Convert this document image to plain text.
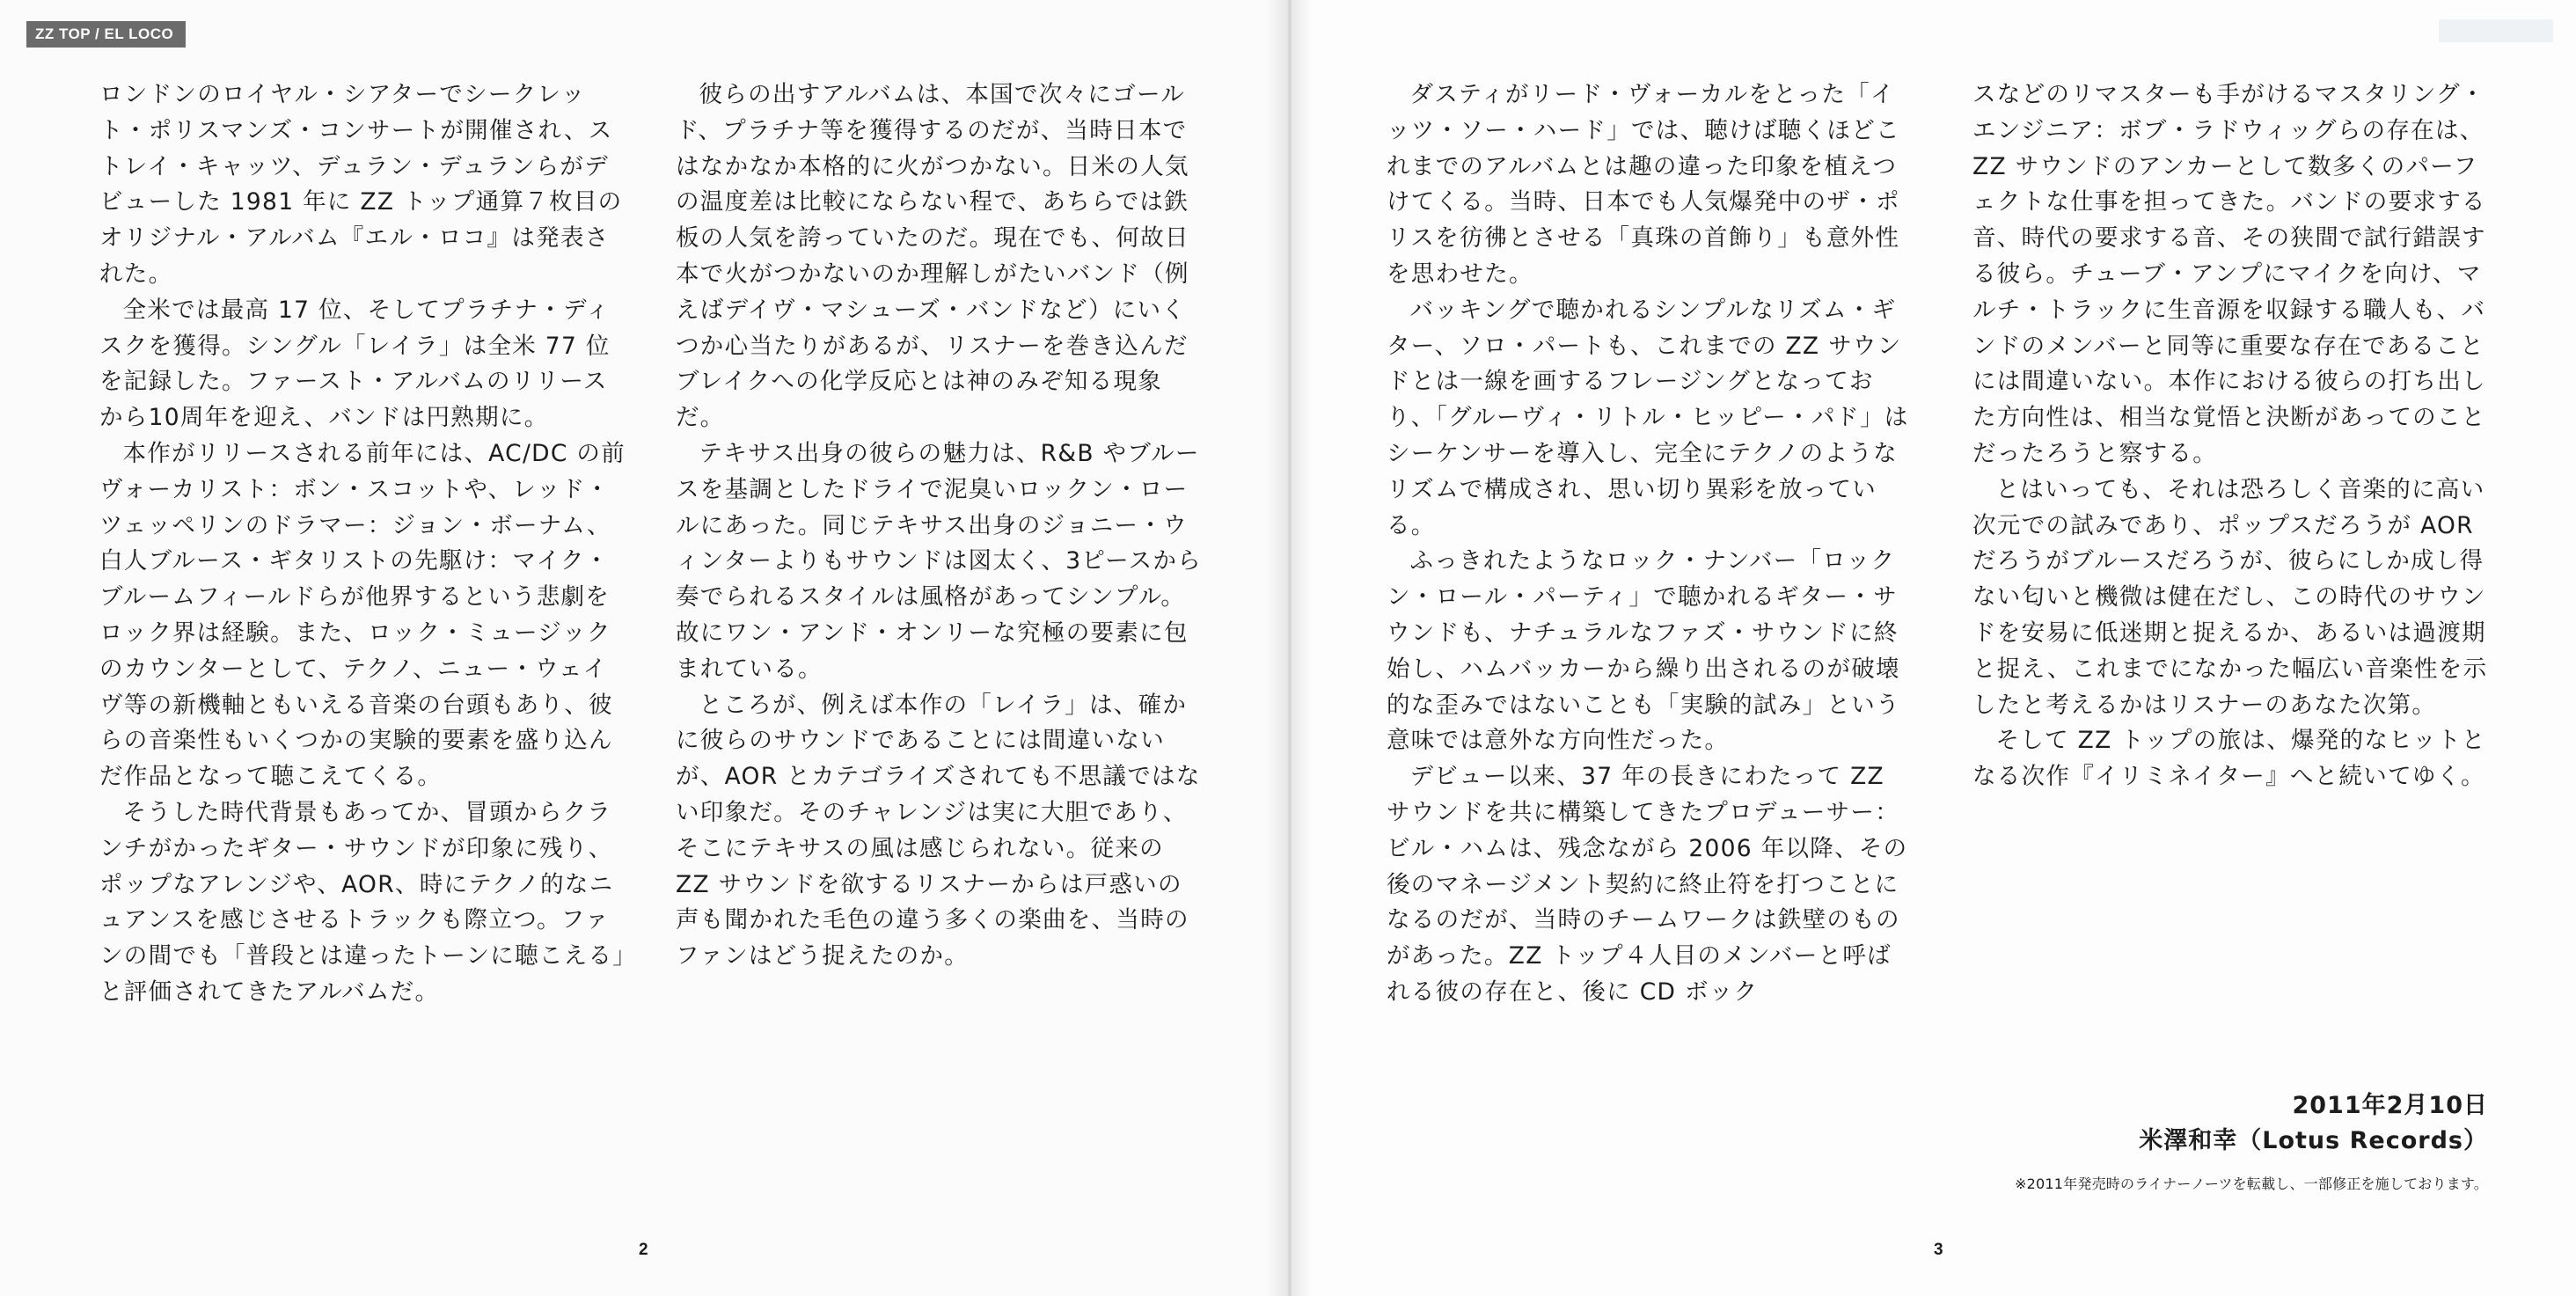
ZZ TOP / EL LOCO

ロンドンのロイヤル・シアターでシークレット・ポリスマンズ・コンサートが開催され、ストレイ・キャッツ、デュラン・デュランらがデビューした 1981 年に ZZ トップ通算７枚目のオリジナル・アルバム『エル・ロコ』は発表された。

全米では最高 17 位、そしてプラチナ・ディスクを獲得。シングル「レイラ」は全米 77 位を記録した。ファースト・アルバムのリリースから10周年を迎え、バンドは円熟期に。

本作がリリースされる前年には、AC/DC の前ヴォーカリスト：ボン・スコットや、レッド・ツェッペリンのドラマー：ジョン・ボーナム、白人ブルース・ギタリストの先駆け：マイク・ブルームフィールドらが他界するという悲劇をロック界は経験。また、ロック・ミュージックのカウンターとして、テクノ、ニュー・ウェイヴ等の新機軸ともいえる音楽の台頭もあり、彼らの音楽性もいくつかの実験的要素を盛り込んだ作品となって聴こえてくる。

そうした時代背景もあってか、冒頭からクランチがかったギター・サウンドが印象に残り、ポップなアレンジや、AOR、時にテクノ的なニュアンスを感じさせるトラックも際立つ。ファンの間でも「普段とは違ったトーンに聴こえる」と評価されてきたアルバムだ。

彼らの出すアルバムは、本国で次々にゴールド、プラチナ等を獲得するのだが、当時日本ではなかなか本格的に火がつかない。日米の人気の温度差は比較にならない程で、あちらでは鉄板の人気を誇っていたのだ。現在でも、何故日本で火がつかないのか理解しがたいバンド（例えばデイヴ・マシューズ・バンドなど）にいくつか心当たりがあるが、リスナーを巻き込んだブレイクへの化学反応とは神のみぞ知る現象だ。

テキサス出身の彼らの魅力は、R&B やブルースを基調としたドライで泥臭いロックン・ロールにあった。同じテキサス出身のジョニー・ウィンターよりもサウンドは図太く、3ピースから奏でられるスタイルは風格があってシンプル。故にワン・アンド・オンリーな究極の要素に包まれている。

ところが、例えば本作の「レイラ」は、確かに彼らのサウンドであることには間違いないが、AOR とカテゴライズされても不思議ではない印象だ。そのチャレンジは実に大胆であり、そこにテキサスの風は感じられない。従来の ZZ サウンドを欲するリスナーからは戸惑いの声も聞かれた毛色の違う多くの楽曲を、当時のファンはどう捉えたのか。

2

ダスティがリード・ヴォーカルをとった「イッツ・ソー・ハード」では、聴けば聴くほどこれまでのアルバムとは趣の違った印象を植えつけてくる。当時、日本でも人気爆発中のザ・ポリスを彷彿とさせる「真珠の首飾り」も意外性を思わせた。

バッキングで聴かれるシンプルなリズム・ギター、ソロ・パートも、これまでの ZZ サウンドとは一線を画するフレージングとなっており、「グルーヴィ・リトル・ヒッピー・パド」はシーケンサーを導入し、完全にテクノのようなリズムで構成され、思い切り異彩を放っている。

ふっきれたようなロック・ナンバー「ロックン・ロール・パーティ」で聴かれるギター・サウンドも、ナチュラルなファズ・サウンドに終始し、ハムバッカーから繰り出されるのが破壊的な歪みではないことも「実験的試み」という意味では意外な方向性だった。

デビュー以来、37 年の長きにわたって ZZ サウンドを共に構築してきたプロデューサー：ビル・ハムは、残念ながら 2006 年以降、その後のマネージメント契約に終止符を打つことになるのだが、当時のチームワークは鉄壁のものがあった。ZZ トップ４人目のメンバーと呼ばれる彼の存在と、後に CD ボック

スなどのリマスターも手がけるマスタリング・エンジニア：ボブ・ラドウィッグらの存在は、ZZ サウンドのアンカーとして数多くのパーフェクトな仕事を担ってきた。バンドの要求する音、時代の要求する音、その狭間で試行錯誤する彼ら。チューブ・アンプにマイクを向け、マルチ・トラックに生音源を収録する職人も、バンドのメンバーと同等に重要な存在であることには間違いない。本作における彼らの打ち出した方向性は、相当な覚悟と決断があってのことだったろうと察する。

とはいっても、それは恐ろしく音楽的に高い次元での試みであり、ポップスだろうが AOR だろうがブルースだろうが、彼らにしか成し得ない匂いと機微は健在だし、この時代のサウンドを安易に低迷期と捉えるか、あるいは過渡期と捉え、これまでになかった幅広い音楽性を示したと考えるかはリスナーのあなた次第。

そして ZZ トップの旅は、爆発的なヒットとなる次作『イリミネイター』へと続いてゆく。

2011年2月10日
米澤和幸（Lotus Records）
※2011年発売時のライナーノーツを転載し、一部修正を施しております。
3
